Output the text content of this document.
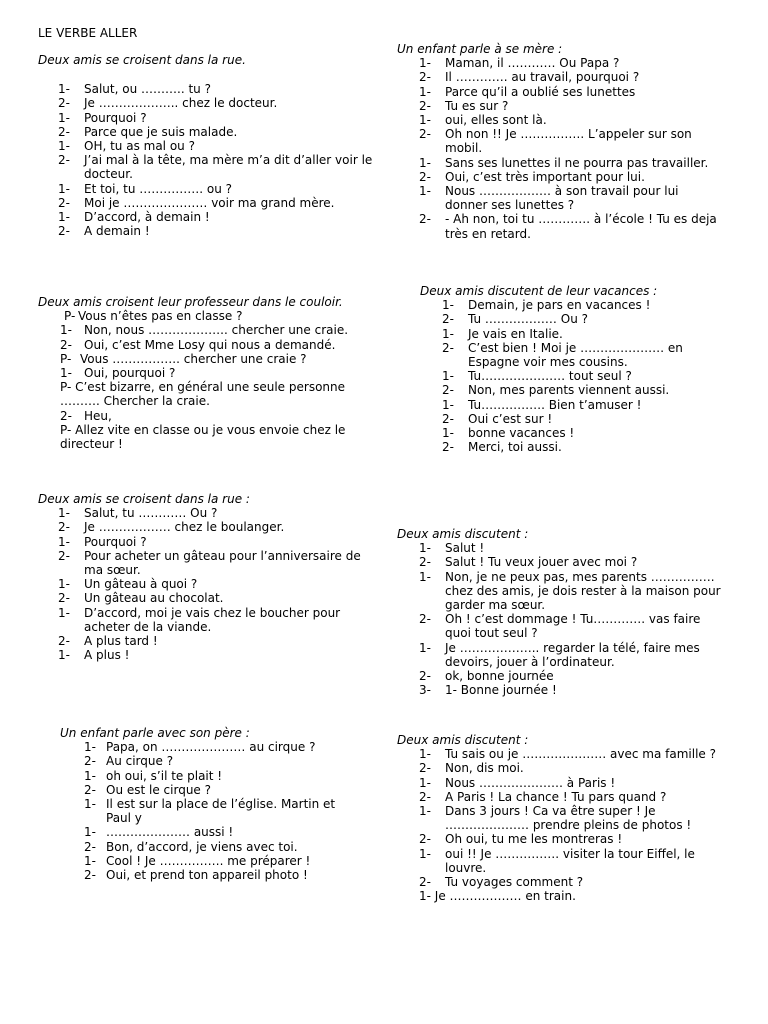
LE VERBE ALLER
Deux amis se croisent dans la rue.
1- Salut, ou ……….. tu ?
2- Je ……………….. chez le docteur.
1- Pourquoi ?
2- Parce que je suis malade.
1- OH, tu as mal ou ?
2- J’ai mal à la tête, ma mère m’a dit d’aller voir le docteur.
1- Et toi, tu ……………. ou ?
2- Moi je ………………… voir ma grand mère.
1- D’accord, à demain !
2- A demain !
Deux amis croisent leur professeur dans le couloir.
P- Vous n’êtes pas en classe ?
1- Non, nous ……………….. chercher une craie.
2- Oui, c’est Mme Losy qui nous a demandé.
P- Vous …………….. chercher une craie ?
1- Oui, pourquoi ?
P- C’est bizarre, en général une seule personne ………. Chercher la craie.
2- Heu,
P- Allez vite en classe ou je vous envoie chez le directeur !
Deux amis se croisent dans la rue :
1- Salut, tu ………… Ou ?
2- Je ……………… chez le boulanger.
1- Pourquoi ?
2- Pour acheter un gâteau pour l’anniversaire de ma sœur.
1- Un gâteau à quoi ?
2- Un gâteau au chocolat.
1- D’accord, moi je vais chez le boucher pour acheter de la viande.
2- A plus tard !
1- A plus !
Un enfant parle avec son père :
1- Papa, on ………………… au cirque ?
2- Au cirque ?
1- oh oui, s’il te plait !
2- Ou est le cirque ?
1- Il est sur la place de l’église. Martin et Paul y
1- ………………… aussi !
2- Bon, d’accord, je viens avec toi.
1- Cool ! Je ……………. me préparer !
2- Oui, et prend ton appareil photo !
Un enfant parle à se mère :
1- Maman, il ………… Ou Papa ?
2- Il …………. au travail, pourquoi ?
1- Parce qu’il a oublié ses lunettes
2- Tu es sur ?
1- oui, elles sont là.
2- Oh non !! Je ……………. L’appeler sur son mobil.
1- Sans ses lunettes il ne pourra pas travailler.
2- Oui, c’est très important pour lui.
1- Nous ……………… à son travail pour lui donner ses lunettes ?
2- - Ah non, toi tu …………. à l’école ! Tu es deja très en retard.
Deux amis discutent de leur vacances :
1- Demain, je pars en vacances !
2- Tu ……………… Ou ?
1- Je vais en Italie.
2- C’est bien ! Moi je ………………… en Espagne voir mes cousins.
1- Tu………………… tout seul ?
2- Non, mes parents viennent aussi.
1- Tu……………. Bien t’amuser !
2- Oui c’est sur !
1- bonne vacances !
2- Merci, toi aussi.
Deux amis discutent :
1- Salut !
2- Salut ! Tu veux jouer avec moi ?
1- Non, je ne peux pas, mes parents ……………. chez des amis, je dois rester à la maison pour garder ma sœur.
2- Oh ! c’est dommage ! Tu…………. vas faire quoi tout seul ?
1- Je ……………….. regarder la télé, faire mes devoirs, jouer à l’ordinateur.
2- ok, bonne journée
3- 1- Bonne journée !
Deux amis discutent :
1- Tu sais ou je ………………… avec ma famille ?
2- Non, dis moi.
1- Nous ………………… à Paris !
2- A Paris ! La chance ! Tu pars quand ?
1- Dans 3 jours ! Ca va être super ! Je ………………… prendre pleins de photos !
2- Oh oui, tu me les montreras !
1- oui !! Je ……………. visiter la tour Eiffel, le louvre.
2- Tu voyages comment ?
1- Je ……………… en train.
